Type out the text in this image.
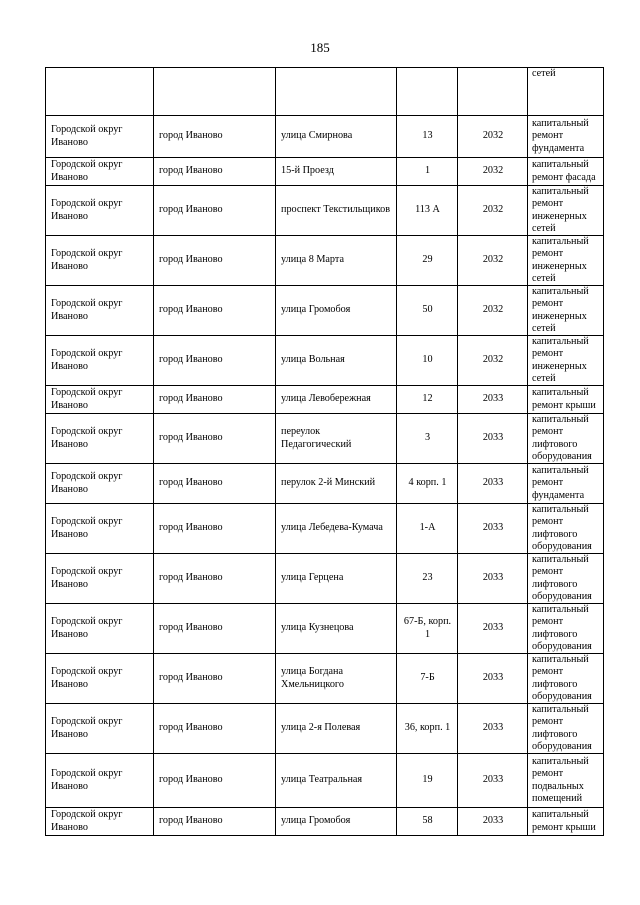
185
					сетей
Городской округ Иваново	город Иваново	улица Смирнова	13	2032	капитальный ремонт фундамента
Городской округ Иваново	город Иваново	15-й Проезд	1	2032	капитальный ремонт фасада
Городской округ Иваново	город Иваново	проспект Текстильщиков	113 А	2032	капитальный ремонт инженерных сетей
Городской округ Иваново	город Иваново	улица 8 Марта	29	2032	капитальный ремонт инженерных сетей
Городской округ Иваново	город Иваново	улица Громобоя	50	2032	капитальный ремонт инженерных сетей
Городской округ Иваново	город Иваново	улица Вольная	10	2032	капитальный ремонт инженерных сетей
Городской округ Иваново	город Иваново	улица Левобережная	12	2033	капитальный ремонт крыши
Городской округ Иваново	город Иваново	переулок Педагогический	3	2033	капитальный ремонт лифтового оборудования
Городской округ Иваново	город Иваново	перулок 2-й Минский	4 корп. 1	2033	капитальный ремонт фундамента
Городской округ Иваново	город Иваново	улица Лебедева-Кумача	1-А	2033	капитальный ремонт лифтового оборудования
Городской округ Иваново	город Иваново	улица Герцена	23	2033	капитальный ремонт лифтового оборудования
Городской округ Иваново	город Иваново	улица Кузнецова	67-Б, корп. 1	2033	капитальный ремонт лифтового оборудования
Городской округ Иваново	город Иваново	улица Богдана Хмельницкого	7-Б	2033	капитальный ремонт лифтового оборудования
Городской округ Иваново	город Иваново	улица 2-я Полевая	36, корп. 1	2033	капитальный ремонт лифтового оборудования
Городской округ Иваново	город Иваново	улица Театральная	19	2033	капитальный ремонт подвальных помещений
Городской округ Иваново	город Иваново	улица Громобоя	58	2033	капитальный ремонт крыши
